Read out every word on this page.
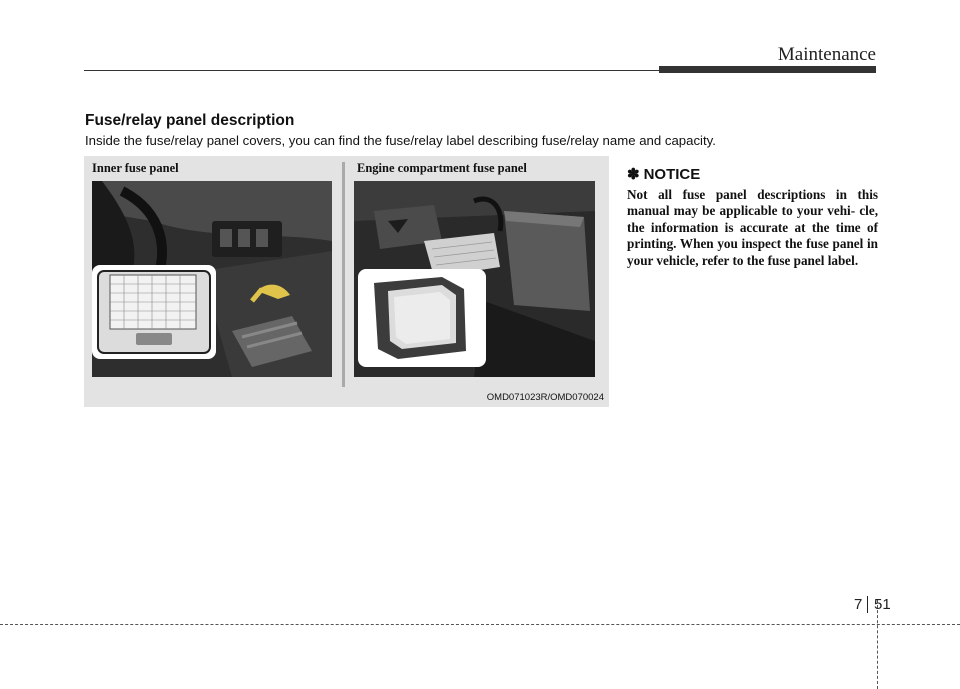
Maintenance
Fuse/relay panel description
Inside the fuse/relay panel covers, you can find the fuse/relay label describing fuse/relay name and capacity.
Inner fuse panel	Engine compartment fuse panel
OMD071023R/OMD070024
✽ NOTICE

Not all fuse panel descriptions in this manual may be applicable to your vehi- cle, the information is accurate at the time of printing. When you inspect the fuse panel in your vehicle, refer to the fuse panel label.

7 51
